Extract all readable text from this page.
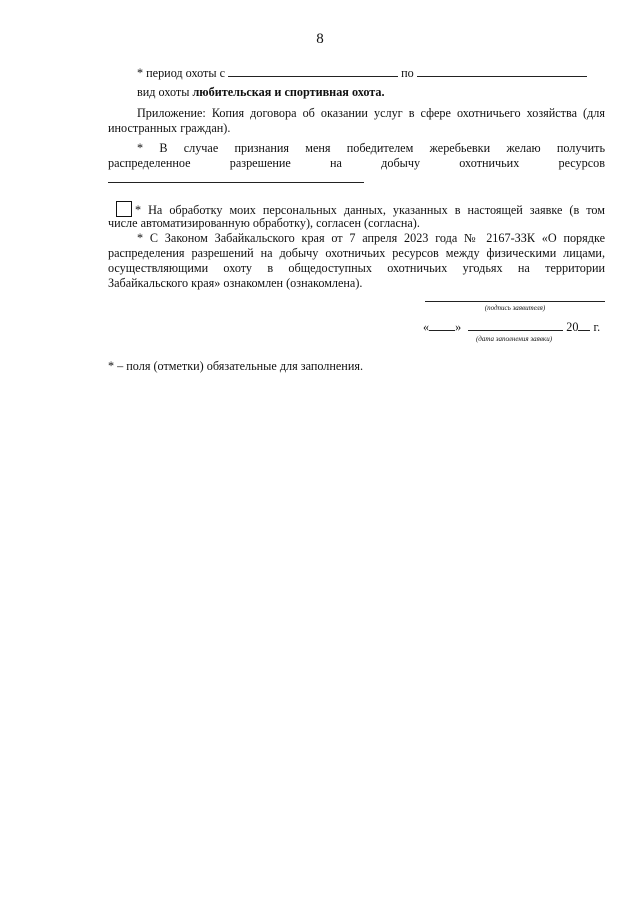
8
* период охоты с	по
вид охоты любительская и спортивная охота.
Приложение: Копия договора об оказании услуг в сфере охотничьего хозяйства (для
иностранных граждан).
* В случае признания меня победителем жеребьевки желаю получить
распределенное разрешение на добычу охотничьих ресурсов
* На обработку моих персональных данных, указанных в настоящей заявке (в том
числе автоматизированную обработку), согласен (согласна).
* С Законом Забайкальского края от 7 апреля 2023 года № 2167-ЗЗК «О порядке
распределения разрешений на добычу охотничьих ресурсов между физическими лицами,
осуществляющими охоту в общедоступных охотничьих угодьях на территории
Забайкальского края» ознакомлен (ознакомлена).
(подпись заявителя)
« »	20 г.
(дата заполнения заявки)
* – поля (отметки) обязательные для заполнения.
